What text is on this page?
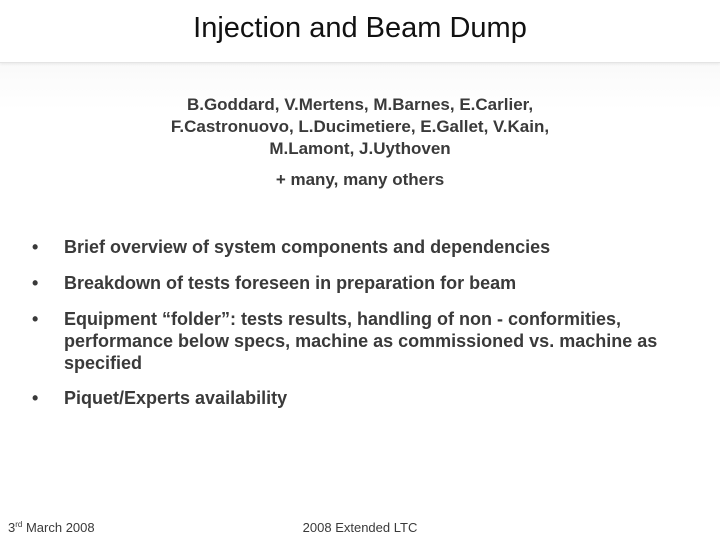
Injection and Beam Dump
B.Goddard, V.Mertens, M.Barnes, E.Carlier,
F.Castronuovo, L.Ducimetiere, E.Gallet, V.Kain,
M.Lamont, J.Uythoven
+ many, many others
•	Brief overview of system components and dependencies
•	Breakdown of tests foreseen in preparation for beam
•	Equipment “folder”: tests results, handling of non - conformities, performance below specs, machine as commissioned vs. machine as specified
•	Piquet/Experts availability
3rd March 2008	2008 Extended LTC
